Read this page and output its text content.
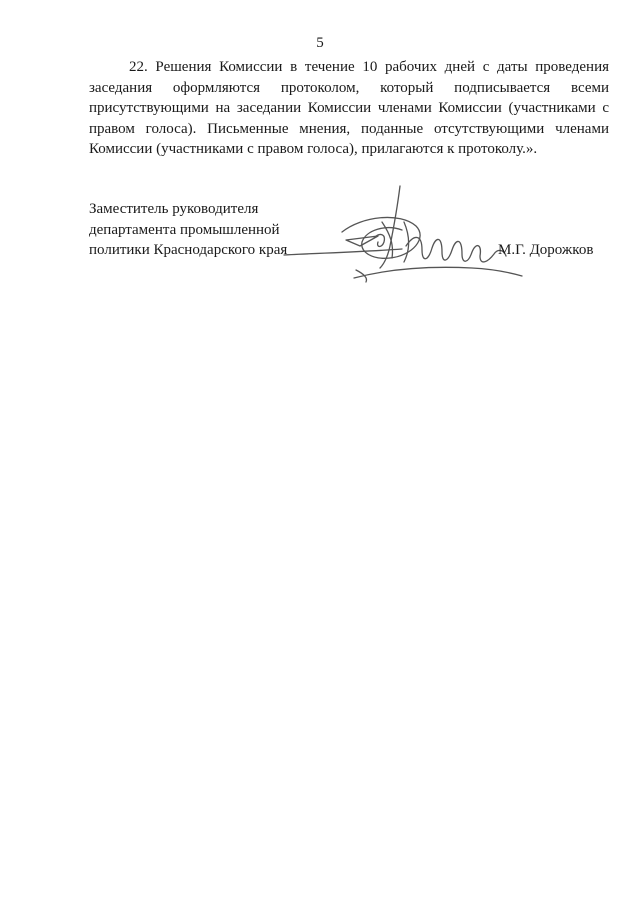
5

22. Решения Комиссии в течение 10 рабочих дней с даты проведения заседания оформляются протоколом, который подписывается всеми присутствующими на заседании Комиссии членами Комиссии (участниками с правом голоса). Письменные мнения, поданные отсутствующими членами Комиссии (участниками с правом голоса), прилагаются к протоколу.».

Заместитель руководителя
департамента промышленной
политики Краснодарского края	М.Г. Дорожков
